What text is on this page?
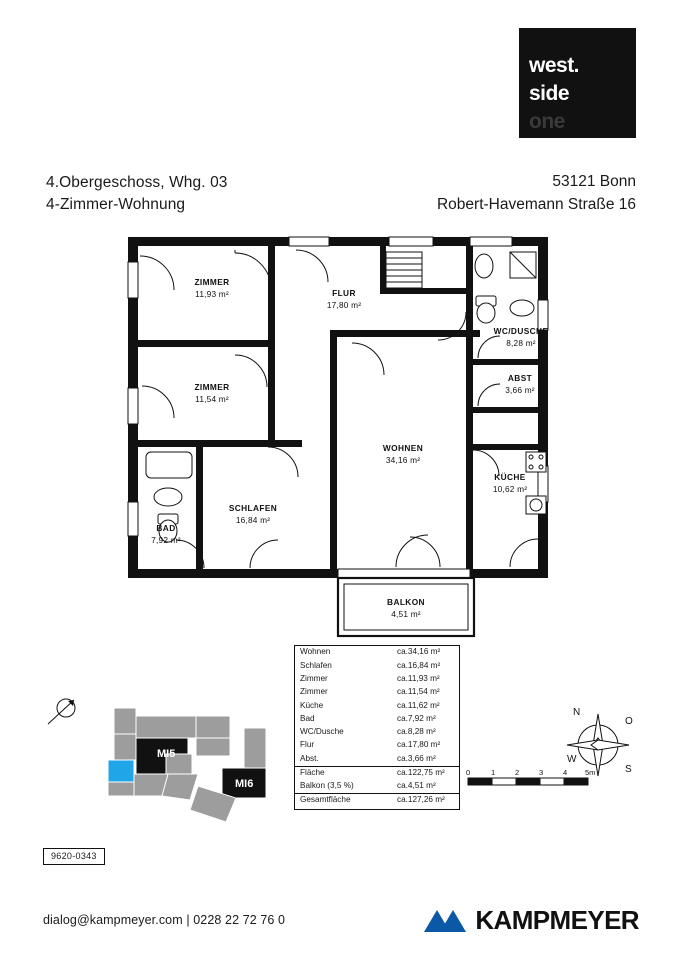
west.
side
one
4.Obergeschoss, Whg. 03
4-Zimmer-Wohnung
53121 Bonn
Robert-Havemann Straße 16
ZIMMER
11,93 m²
ZIMMER
11,54 m²
FLUR
17,80 m²
WC/DUSCHE
8,28 m²
ABST
3,66 m²
WOHNEN
34,16 m²
KÜCHE
10,62 m²
SCHLAFEN
16,84 m²
BAD
7,92 m²
BALKON
4,51 m²
Wohnen	ca.34,16 m²
Schlafen	ca.16,84 m²
Zimmer	ca.11,93 m²
Zimmer	ca.11,54 m²
Küche	ca.11,62 m²
Bad	ca.7,92 m²
WC/Dusche	ca.8,28 m²
Flur	ca.17,80 m²
Abst.	ca.3,66 m²
Fläche	ca.122,75 m²
Balkon (3,5 %)	ca.4,51 m²
Gesamtfläche	ca.127,26 m²
MI5
MI6
N
O
S
W
0	1	2	3	4 5m
9620-0343
dialog@kampmeyer.com | 0228 22 72 76 0	KAMPMEYER
